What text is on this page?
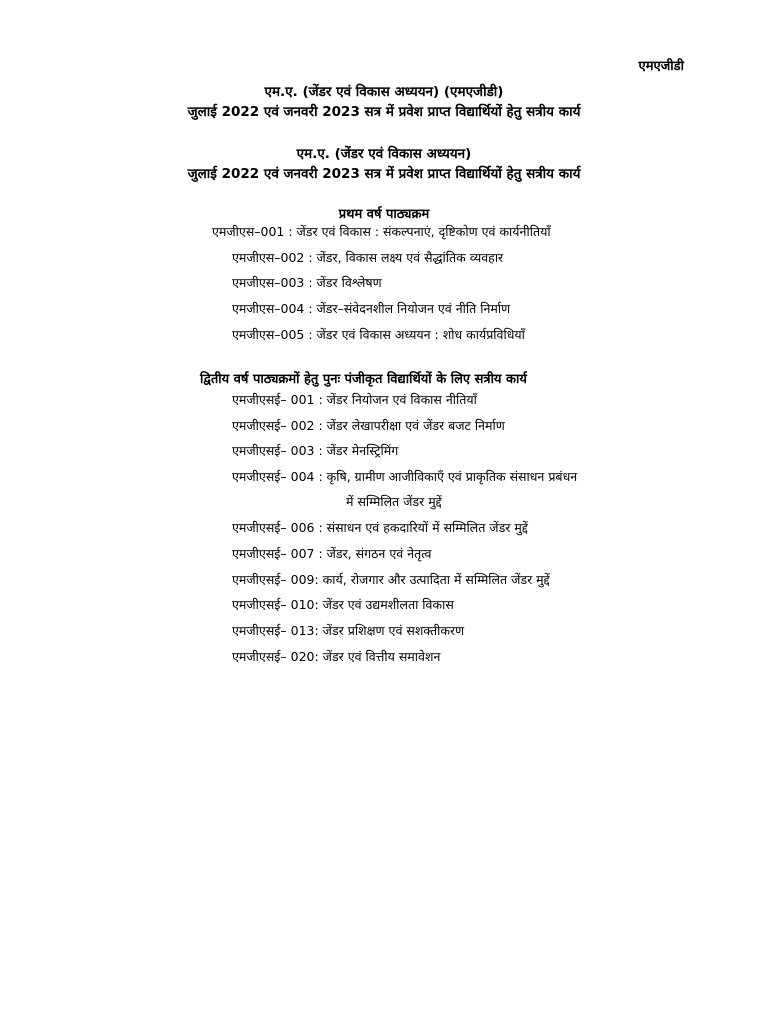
एमएजीडी
एम.ए. (जेंडर एवं विकास अध्ययन) (एमएजीडी)
जुलाई 2022 एवं जनवरी 2023 सत्र में प्रवेश प्राप्त विद्यार्थियों हेतु सत्रीय कार्य
एम.ए. (जेंडर एवं विकास अध्ययन)
जुलाई 2022 एवं जनवरी 2023 सत्र में प्रवेश प्राप्त विद्यार्थियों हेतु सत्रीय कार्य
प्रथम वर्ष पाठ्यक्रम
एमजीएस–001 : जेंडर एवं विकास : संकल्पनाएं, दृष्टिकोण एवं कार्यनीतियाँ
एमजीएस–002 : जेंडर, विकास लक्ष्य एवं सैद्धांतिक व्यवहार
एमजीएस–003 : जेंडर विश्लेषण
एमजीएस–004 : जेंडर–संवेदनशील नियोजन एवं नीति निर्माण
एमजीएस–005 : जेंडर एवं विकास अध्ययन : शोध कार्यप्रविधियाँ
द्वितीय वर्ष पाठ्यक्रमों हेतु पुनः पंजीकृत विद्यार्थियों के लिए सत्रीय कार्य
एमजीएसई– 001 : जेंडर नियोजन एवं विकास नीतियाँ
एमजीएसई– 002 : जेंडर लेखापरीक्षा एवं जेंडर बजट निर्माण
एमजीएसई– 003 : जेंडर मेनस्ट्रिमिंग
एमजीएसई– 004 : कृषि, ग्रामीण आजीविकाएँ एवं प्राकृतिक संसाधन प्रबंधन
में सम्मिलित जेंडर मुद्दें
एमजीएसई– 006 : संसाधन एवं हकदारियों में सम्मिलित जेंडर मुद्दें
एमजीएसई– 007 : जेंडर, संगठन एवं नेतृत्व
एमजीएसई– 009: कार्य, रोजगार और उत्पादिता में सम्मिलित जेंडर मुद्दें
एमजीएसई– 010: जेंडर एवं उद्यमशीलता विकास
एमजीएसई– 013: जेंडर प्रशिक्षण एवं सशक्तीकरण
एमजीएसई– 020: जेंडर एवं वित्तीय समावेशन
